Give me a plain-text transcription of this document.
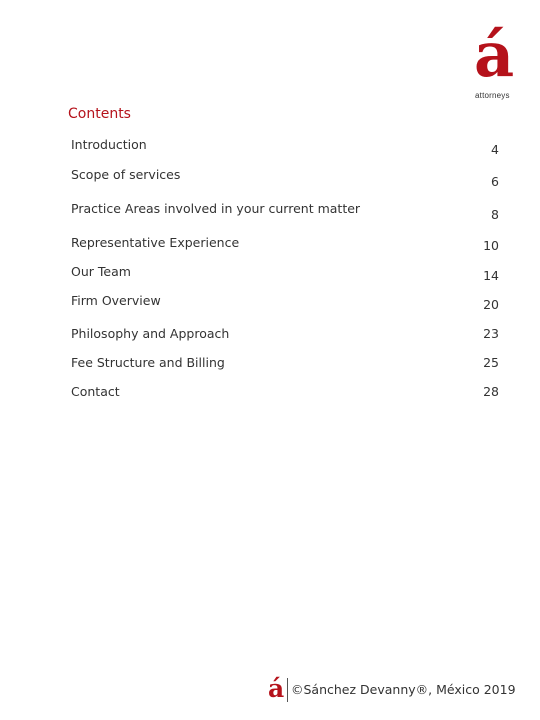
á
attorneys
Contents
Introduction	4
Scope of services	6
Practice Areas involved in your current matter	8
Representative Experience	10
Our Team	14
Firm Overview	20
Philosophy and Approach	23
Fee Structure and Billing	25
Contact	28
á ©Sánchez Devanny®, México 2019
